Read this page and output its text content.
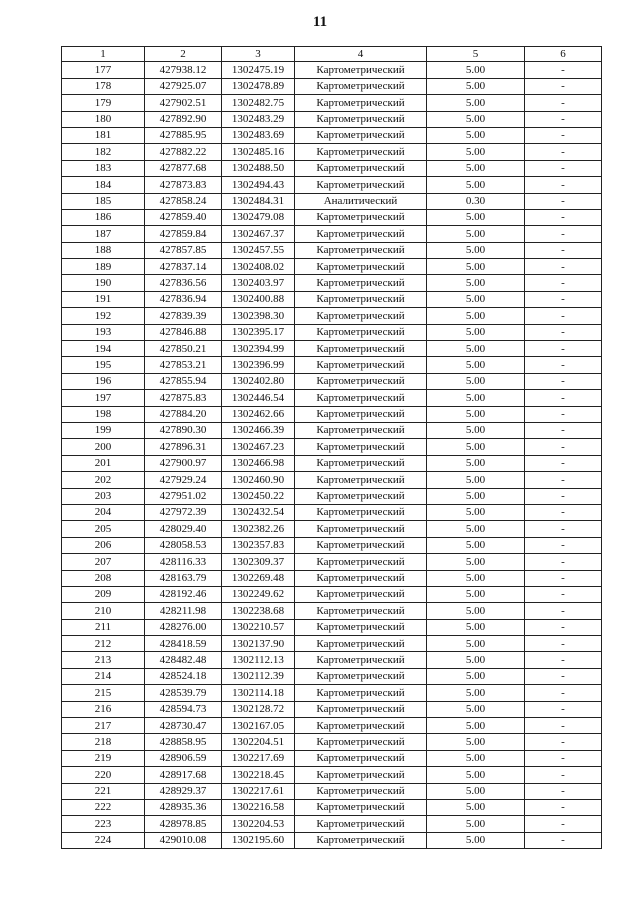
11
1	2	3	4	5	6
177	427938.12	1302475.19	Картометрический	5.00	-
178	427925.07	1302478.89	Картометрический	5.00	-
179	427902.51	1302482.75	Картометрический	5.00	-
180	427892.90	1302483.29	Картометрический	5.00	-
181	427885.95	1302483.69	Картометрический	5.00	-
182	427882.22	1302485.16	Картометрический	5.00	-
183	427877.68	1302488.50	Картометрический	5.00	-
184	427873.83	1302494.43	Картометрический	5.00	-
185	427858.24	1302484.31	Аналитический	0.30	-
186	427859.40	1302479.08	Картометрический	5.00	-
187	427859.84	1302467.37	Картометрический	5.00	-
188	427857.85	1302457.55	Картометрический	5.00	-
189	427837.14	1302408.02	Картометрический	5.00	-
190	427836.56	1302403.97	Картометрический	5.00	-
191	427836.94	1302400.88	Картометрический	5.00	-
192	427839.39	1302398.30	Картометрический	5.00	-
193	427846.88	1302395.17	Картометрический	5.00	-
194	427850.21	1302394.99	Картометрический	5.00	-
195	427853.21	1302396.99	Картометрический	5.00	-
196	427855.94	1302402.80	Картометрический	5.00	-
197	427875.83	1302446.54	Картометрический	5.00	-
198	427884.20	1302462.66	Картометрический	5.00	-
199	427890.30	1302466.39	Картометрический	5.00	-
200	427896.31	1302467.23	Картометрический	5.00	-
201	427900.97	1302466.98	Картометрический	5.00	-
202	427929.24	1302460.90	Картометрический	5.00	-
203	427951.02	1302450.22	Картометрический	5.00	-
204	427972.39	1302432.54	Картометрический	5.00	-
205	428029.40	1302382.26	Картометрический	5.00	-
206	428058.53	1302357.83	Картометрический	5.00	-
207	428116.33	1302309.37	Картометрический	5.00	-
208	428163.79	1302269.48	Картометрический	5.00	-
209	428192.46	1302249.62	Картометрический	5.00	-
210	428211.98	1302238.68	Картометрический	5.00	-
211	428276.00	1302210.57	Картометрический	5.00	-
212	428418.59	1302137.90	Картометрический	5.00	-
213	428482.48	1302112.13	Картометрический	5.00	-
214	428524.18	1302112.39	Картометрический	5.00	-
215	428539.79	1302114.18	Картометрический	5.00	-
216	428594.73	1302128.72	Картометрический	5.00	-
217	428730.47	1302167.05	Картометрический	5.00	-
218	428858.95	1302204.51	Картометрический	5.00	-
219	428906.59	1302217.69	Картометрический	5.00	-
220	428917.68	1302218.45	Картометрический	5.00	-
221	428929.37	1302217.61	Картометрический	5.00	-
222	428935.36	1302216.58	Картометрический	5.00	-
223	428978.85	1302204.53	Картометрический	5.00	-
224	429010.08	1302195.60	Картометрический	5.00	-
